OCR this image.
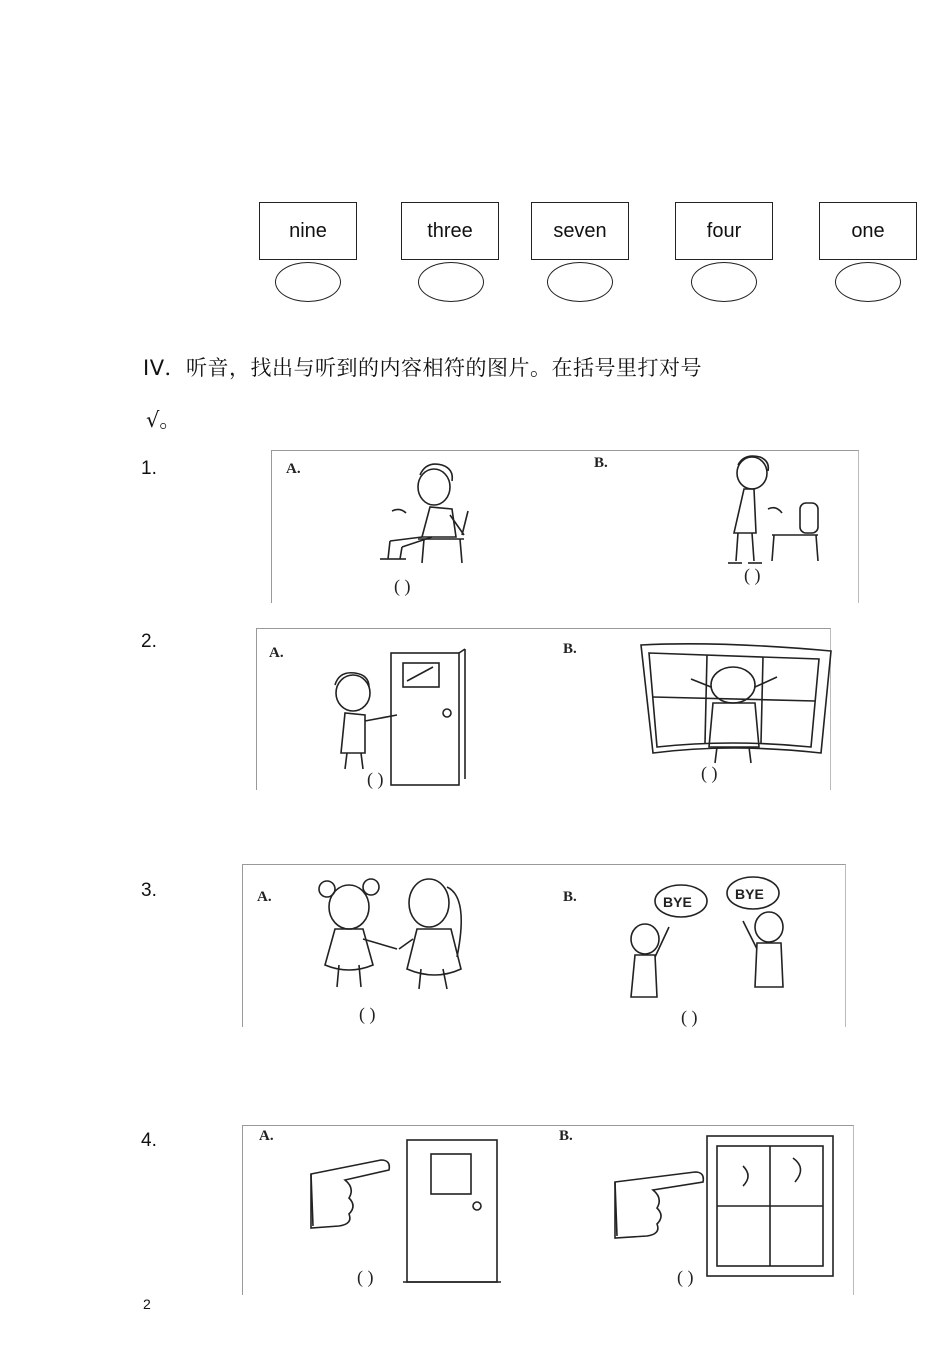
nine	three	seven	four	one
IV．听音，找出与听到的内容相符的图片。在括号里打对号
√。
1.	A.	B.
( )
( )
2.
A.	B.
( )	( )
3.	A.	B.
( )
BYE	BYE
( )
4.	A.	B.
( )	( )
2
